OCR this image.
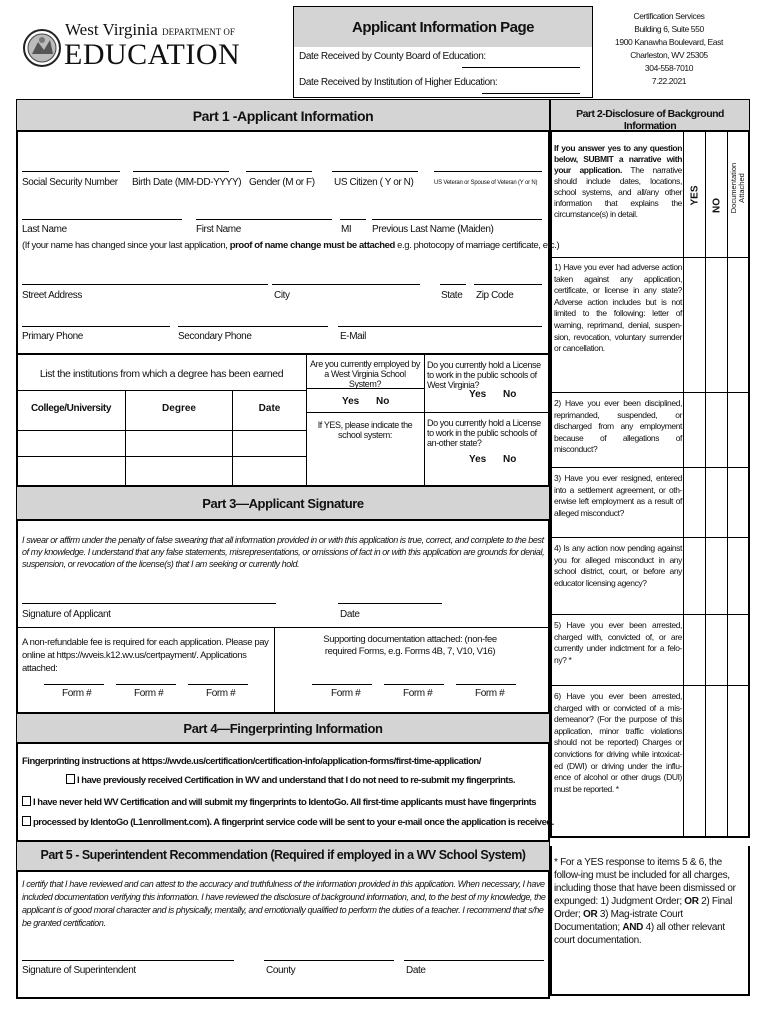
West Virginia DEPARTMENT OF
EDUCATION
Applicant Information Page
Date Received by County Board of Education:
Date Received by Institution of Higher Education:
Certification Services
Building 6, Suite 550
1900 Kanawha Boulevard, East
Charleston, WV 25305
304-558-7010
7.22.2021
Part 1 -Applicant Information
Social Security Number Birth Date (MM-DD-YYYY) Gender (M or F) US Citizen ( Y or N)	US Veteran or Spouse of Veteran (Y or N)
Last Name	First Name	MI Previous Last Name (Maiden)
(If your name has changed since your last application, proof of name change must be attached e.g. photocopy of marriage certificate, etc.)
Street Address	City	State Zip Code
Primary Phone	Secondary Phone	E-Mail
List the institutions from which a degree has been earned
College/University	Degree	Date
Are you currently employed by a West Virginia School System?
Yes No
If YES, please indicate the school system:
Do you currently hold a License to work in the public schools of West Virginia?
Yes No
Do you currently hold a License to work in the public schools of an-other state?
Yes No
Part 3—Applicant Signature
I swear or affirm under the penalty of false swearing that all information provided in or with this application is true, correct, and complete to the best of my knowledge. I understand that any false statements, misrepresentations, or omissions of fact in or with this application are grounds for denial, suspension, or revocation of the license(s) that I am seeking or currently hold.
Signature of Applicant	Date
A non-refundable fee is required for each application. Please pay online at https://wveis.k12.wv.us/certpayment/. Applications attached:
Supporting documentation attached: (non-fee required Forms, e.g. Forms 4B, 7, V10, V16)
Form #	Form #	Form #	Form #	Form #	Form #
Part 4—Fingerprinting Information
Fingerprinting instructions at https://wvde.us/certification/certification-info/application-forms/first-time-application/
I have previously received Certification in WV and understand that I do not need to re-submit my fingerprints.
I have never held WV Certification and will submit my fingerprints to IdentoGo. All first-time applicants must have fingerprints
processed by IdentoGo (L1enrollment.com). A fingerprint service code will be sent to your e-mail once the application is received.
Part 5 - Superintendent Recommendation (Required if employed in a WV School System)
I certify that I have reviewed and can attest to the accuracy and truthfulness of the information provided in this application. When necessary, I have included documentation verifying this information. I have reviewed the disclosure of background information, and, to the best of my knowledge, the applicant is of good moral character and is physically, mentally, and emotionally qualified to perform the duties of a teacher. I recommend that s/he be granted certification.
Signature of Superintendent	County	Date
Part 2-Disclosure of Background Information
If you answer yes to any question below, SUBMIT a narrative with your application. The narrative should include dates, locations, school systems, and all/any other information that explains the circumstance(s) in detail.
YES NO Documentation Attached
1) Have you ever had adverse action taken against any application, certificate, or license in any state? Adverse action includes but is not limited to the following: letter of warning, reprimand, denial, suspen-sion, revocation, voluntary surrender or cancellation.
2) Have you ever been disciplined, reprimanded, suspended, or discharged from any employment because of allegations of misconduct?
3) Have you ever resigned, entered into a settlement agreement, or oth-erwise left employment as a result of alleged misconduct?
4) Is any action now pending against you for alleged misconduct in any school district, court, or before any educator licensing agency?
5) Have you ever been arrested, charged with, convicted of, or are currently under indictment for a felo-ny? *
6) Have you ever been arrested, charged with or convicted of a mis-demeanor? (For the purpose of this application, minor traffic violations should not be reported) Charges or convictions for driving while intoxicat-ed (DWI) or driving under the influ-ence of alcohol or other drugs (DUI) must be reported. *
* For a YES response to items 5 & 6, the follow-ing must be included for all charges, including those that have been dismissed or expunged: 1) Judgment Order; OR 2) Final Order; OR 3) Mag-istrate Court Documentation; AND 4) all other relevant court documentation.
